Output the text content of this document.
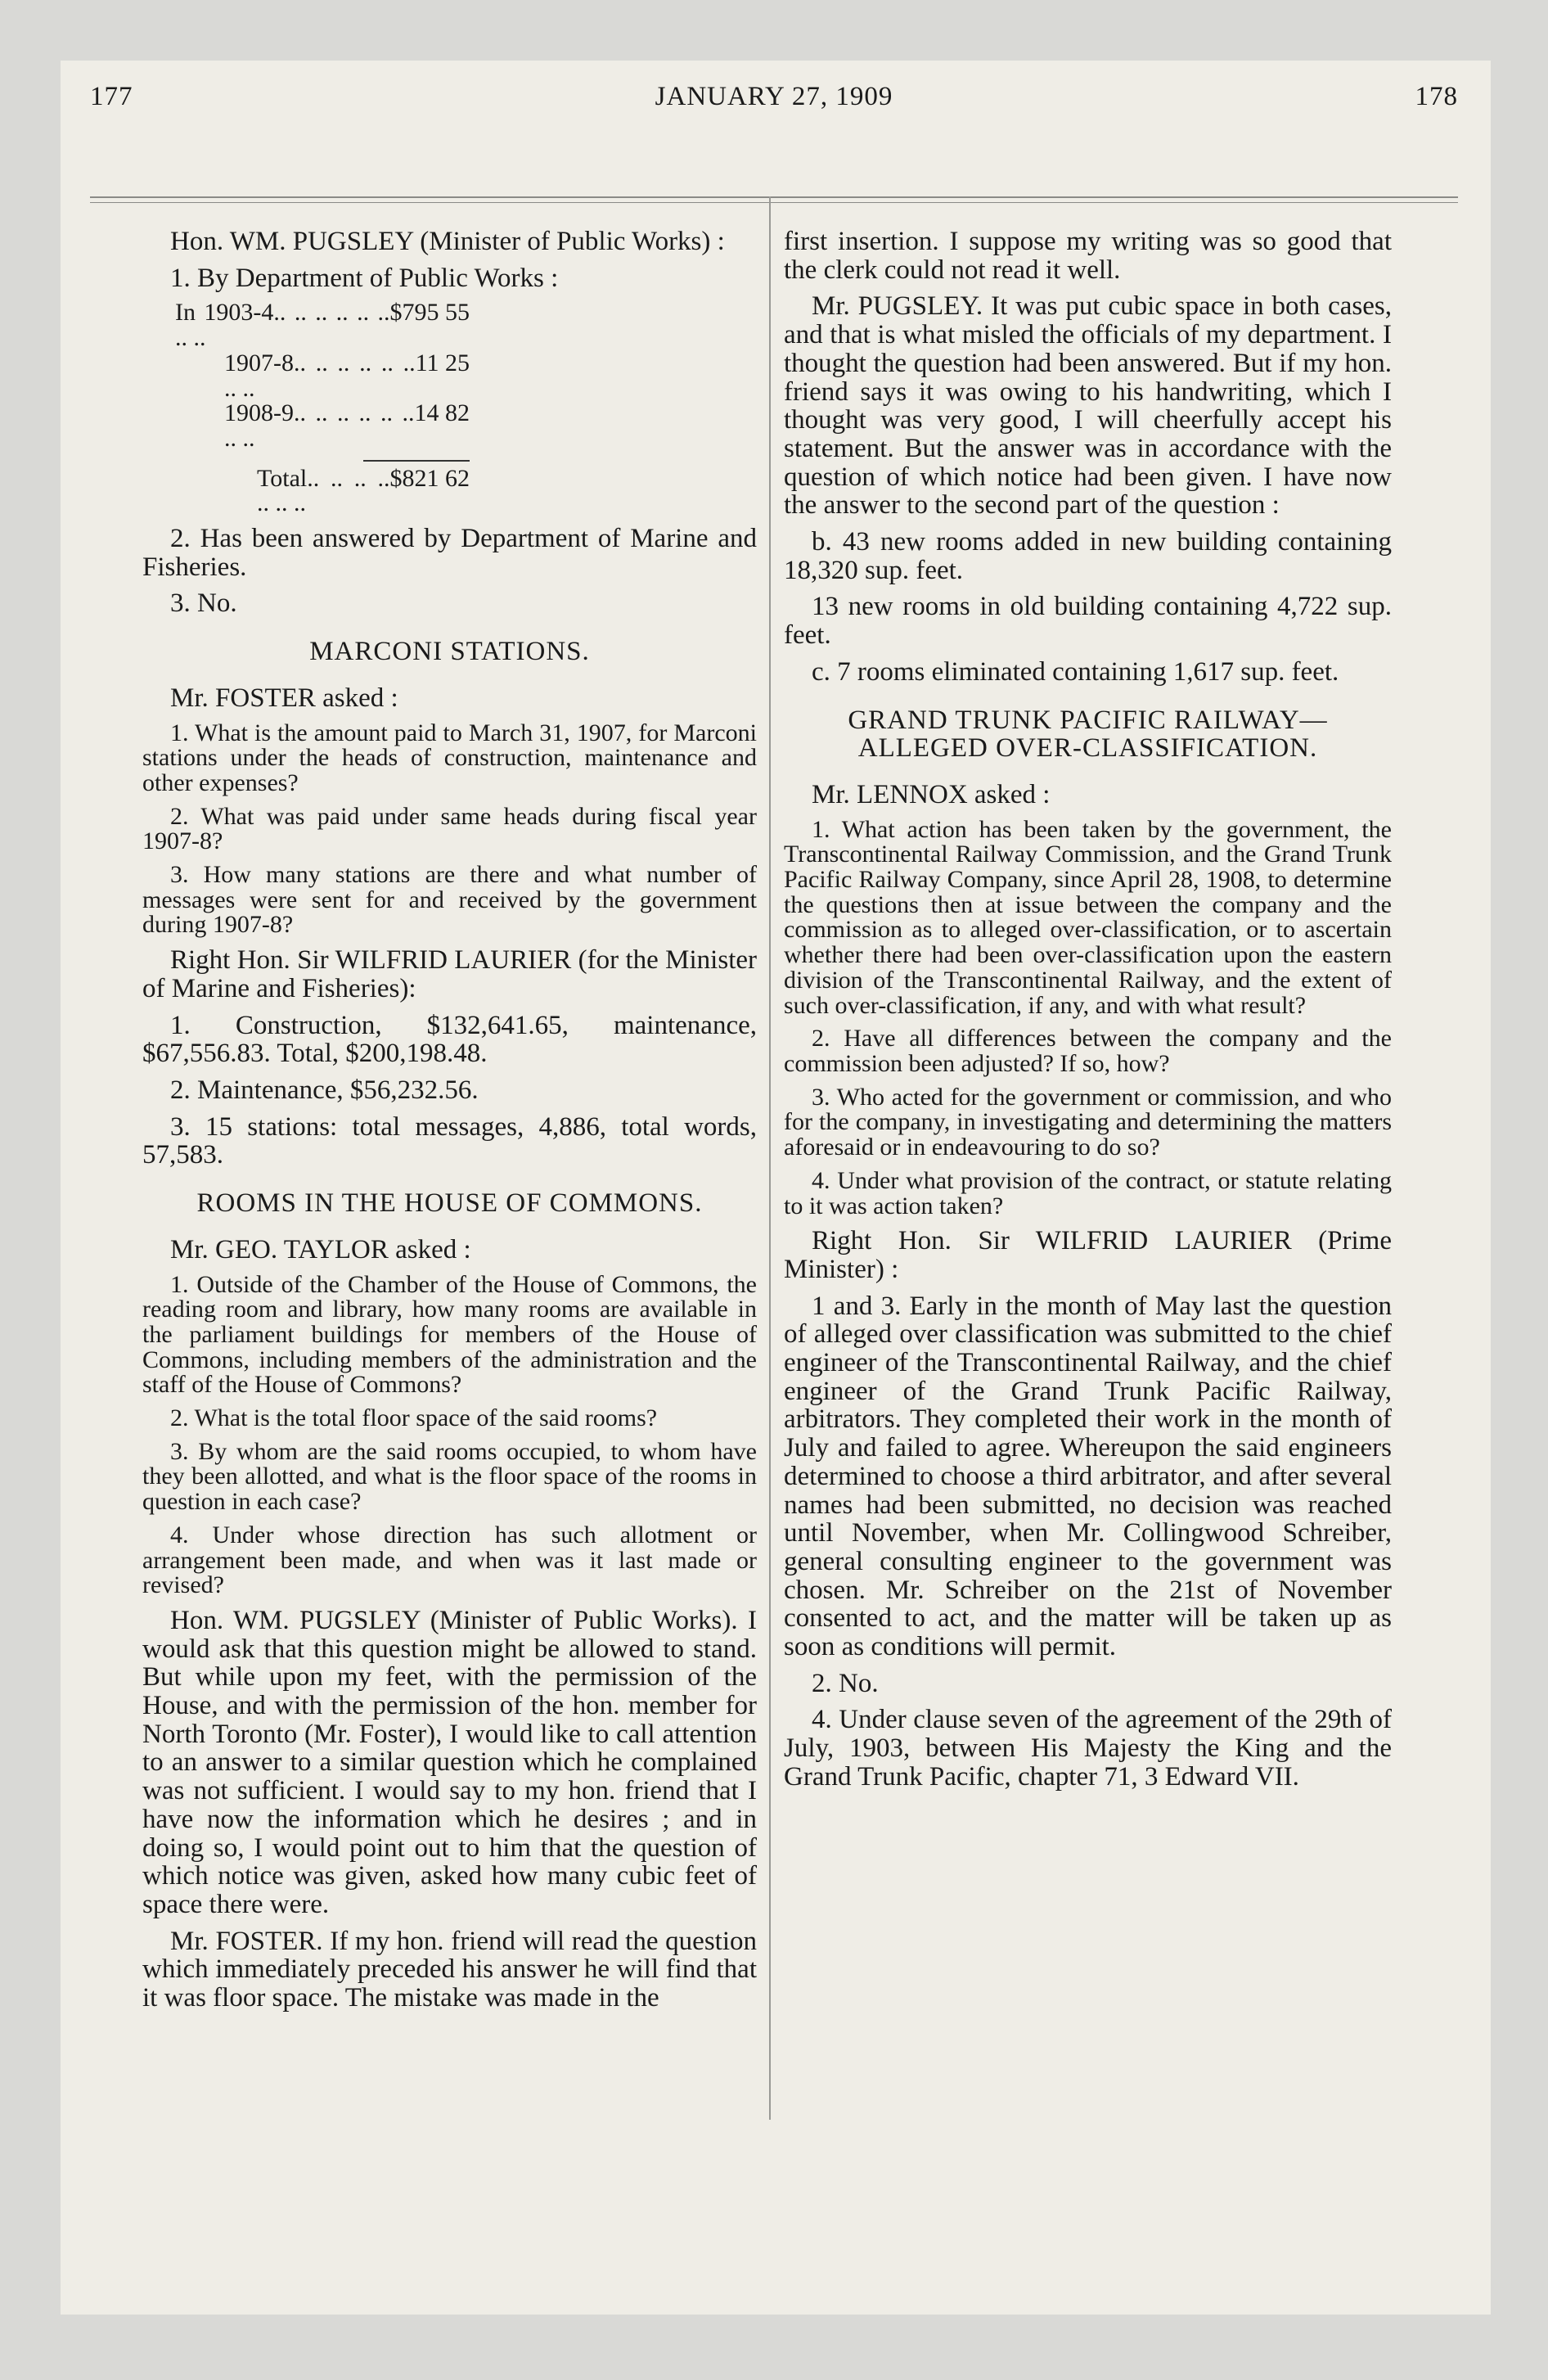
177	JANUARY 27, 1909	178

Hon. WM. PUGSLEY (Minister of Public Works) :

1. By Department of Public Works :

In 1903-4.. .. .. .. .. .. .. ..
$795 55
1907-8.. .. .. .. .. .. .. ..
11 25
1908-9.. .. .. .. .. .. .. ..
14 82
Total.. .. .. .. .. .. ..
$821 62

2. Has been answered by Department of Marine and Fisheries.

3. No.

MARCONI STATIONS.

Mr. FOSTER asked :

1. What is the amount paid to March 31, 1907, for Marconi stations under the heads of construction, maintenance and other expenses?

2. What was paid under same heads during fiscal year 1907-8?

3. How many stations are there and what number of messages were sent for and received by the government during 1907-8?

Right Hon. Sir WILFRID LAURIER (for the Minister of Marine and Fisheries):

1. Construction, $132,641.65, maintenance, $67,556.83. Total, $200,198.48.

2. Maintenance, $56,232.56.

3. 15 stations: total messages, 4,886, total words, 57,583.

ROOMS IN THE HOUSE OF COMMONS.

Mr. GEO. TAYLOR asked :

1. Outside of the Chamber of the House of Commons, the reading room and library, how many rooms are available in the parliament buildings for members of the House of Commons, including members of the administration and the staff of the House of Commons?

2. What is the total floor space of the said rooms?

3. By whom are the said rooms occupied, to whom have they been allotted, and what is the floor space of the rooms in question in each case?

4. Under whose direction has such allotment or arrangement been made, and when was it last made or revised?

Hon. WM. PUGSLEY (Minister of Public Works). I would ask that this question might be allowed to stand. But while upon my feet, with the permission of the House, and with the permission of the hon. member for North Toronto (Mr. Foster), I would like to call attention to an answer to a similar question which he complained was not sufficient. I would say to my hon. friend that I have now the information which he desires ; and in doing so, I would point out to him that the question of which notice was given, asked how many cubic feet of space there were.

Mr. FOSTER. If my hon. friend will read the question which immediately preceded his answer he will find that it was floor space. The mistake was made in the

first insertion. I suppose my writing was so good that the clerk could not read it well.

Mr. PUGSLEY. It was put cubic space in both cases, and that is what misled the officials of my department. I thought the question had been answered. But if my hon. friend says it was owing to his handwriting, which I thought was very good, I will cheerfully accept his statement. But the answer was in accordance with the question of which notice had been given. I have now the answer to the second part of the question :

b. 43 new rooms added in new building containing 18,320 sup. feet.

13 new rooms in old building containing 4,722 sup. feet.

c. 7 rooms eliminated containing 1,617 sup. feet.

GRAND TRUNK PACIFIC RAILWAY— ALLEGED OVER-CLASSIFICATION.

Mr. LENNOX asked :

1. What action has been taken by the government, the Transcontinental Railway Commission, and the Grand Trunk Pacific Railway Company, since April 28, 1908, to determine the questions then at issue between the company and the commission as to alleged over-classification, or to ascertain whether there had been over-classification upon the eastern division of the Transcontinental Railway, and the extent of such over-classification, if any, and with what result?

2. Have all differences between the company and the commission been adjusted? If so, how?

3. Who acted for the government or commission, and who for the company, in investigating and determining the matters aforesaid or in endeavouring to do so?

4. Under what provision of the contract, or statute relating to it was action taken?

Right Hon. Sir WILFRID LAURIER (Prime Minister) :

1 and 3. Early in the month of May last the question of alleged over classification was submitted to the chief engineer of the Transcontinental Railway, and the chief engineer of the Grand Trunk Pacific Railway, arbitrators. They completed their work in the month of July and failed to agree. Whereupon the said engineers determined to choose a third arbitrator, and after several names had been submitted, no decision was reached until November, when Mr. Collingwood Schreiber, general consulting engineer to the government was chosen. Mr. Schreiber on the 21st of November consented to act, and the matter will be taken up as soon as conditions will permit.

2. No.

4. Under clause seven of the agreement of the 29th of July, 1903, between His Majesty the King and the Grand Trunk Pacific, chapter 71, 3 Edward VII.
